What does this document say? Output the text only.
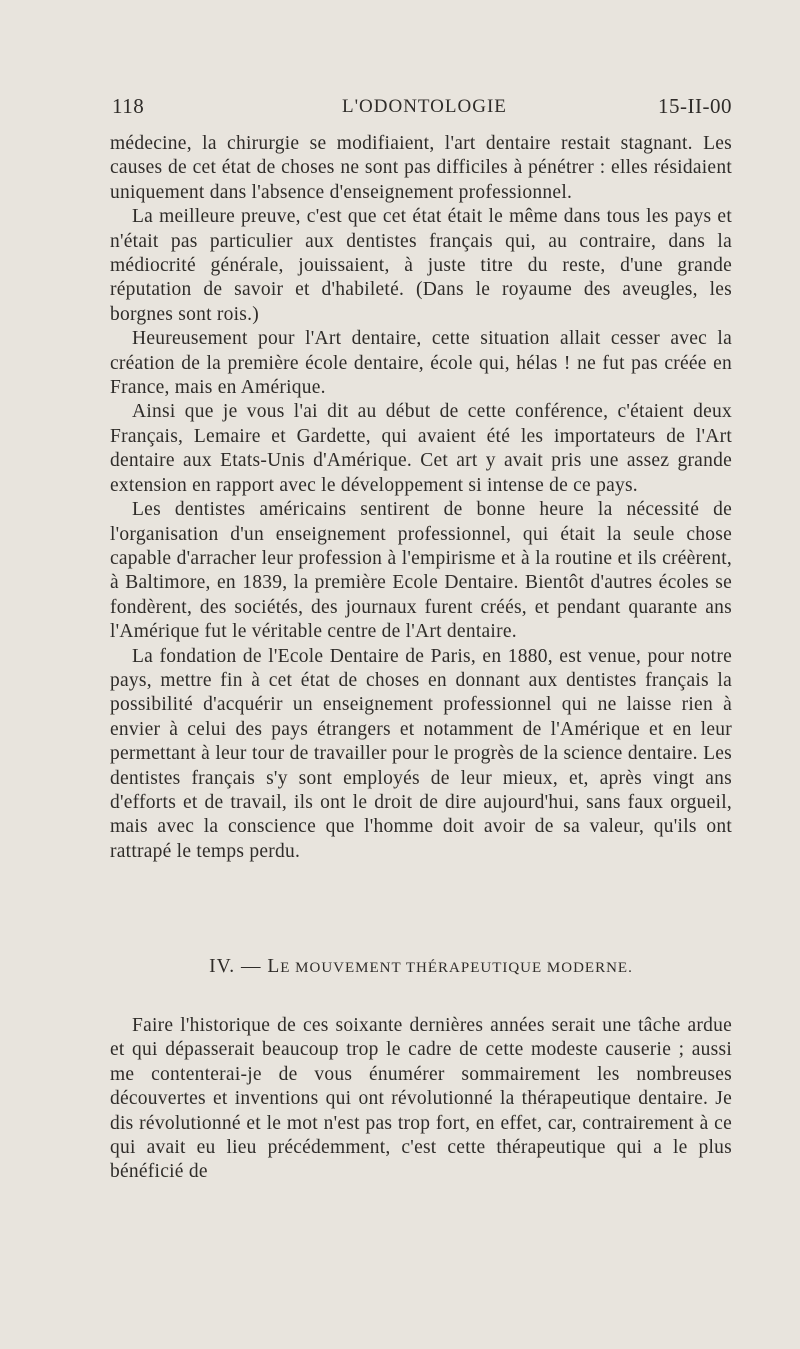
118	L'ODONTOLOGIE	15-II-00

médecine, la chirurgie se modifiaient, l'art dentaire restait stagnant. Les causes de cet état de choses ne sont pas difficiles à pénétrer : elles résidaient uniquement dans l'absence d'enseignement professionnel.

La meilleure preuve, c'est que cet état était le même dans tous les pays et n'était pas particulier aux dentistes français qui, au contraire, dans la médiocrité générale, jouissaient, à juste titre du reste, d'une grande réputation de savoir et d'habileté. (Dans le royaume des aveugles, les borgnes sont rois.)

Heureusement pour l'Art dentaire, cette situation allait cesser avec la création de la première école dentaire, école qui, hélas ! ne fut pas créée en France, mais en Amérique.

Ainsi que je vous l'ai dit au début de cette conférence, c'étaient deux Français, Lemaire et Gardette, qui avaient été les importateurs de l'Art dentaire aux Etats-Unis d'Amérique. Cet art y avait pris une assez grande extension en rapport avec le développement si intense de ce pays.

Les dentistes américains sentirent de bonne heure la nécessité de l'organisation d'un enseignement professionnel, qui était la seule chose capable d'arracher leur profession à l'empirisme et à la routine et ils créèrent, à Baltimore, en 1839, la première Ecole Dentaire. Bientôt d'autres écoles se fondèrent, des sociétés, des journaux furent créés, et pendant quarante ans l'Amérique fut le véritable centre de l'Art dentaire.

La fondation de l'Ecole Dentaire de Paris, en 1880, est venue, pour notre pays, mettre fin à cet état de choses en donnant aux dentistes français la possibilité d'acquérir un enseignement professionnel qui ne laisse rien à envier à celui des pays étrangers et notamment de l'Amérique et en leur permettant à leur tour de travailler pour le progrès de la science dentaire. Les dentistes français s'y sont employés de leur mieux, et, après vingt ans d'efforts et de travail, ils ont le droit de dire aujourd'hui, sans faux orgueil, mais avec la conscience que l'homme doit avoir de sa valeur, qu'ils ont rattrapé le temps perdu.

IV. — LE MOUVEMENT THÉRAPEUTIQUE MODERNE.

Faire l'historique de ces soixante dernières années serait une tâche ardue et qui dépasserait beaucoup trop le cadre de cette modeste causerie ; aussi me contenterai-je de vous énumérer sommairement les nombreuses découvertes et inventions qui ont révolutionné la thérapeutique dentaire. Je dis révolutionné et le mot n'est pas trop fort, en effet, car, contrairement à ce qui avait eu lieu précédemment, c'est cette thérapeutique qui a le plus bénéficié de
